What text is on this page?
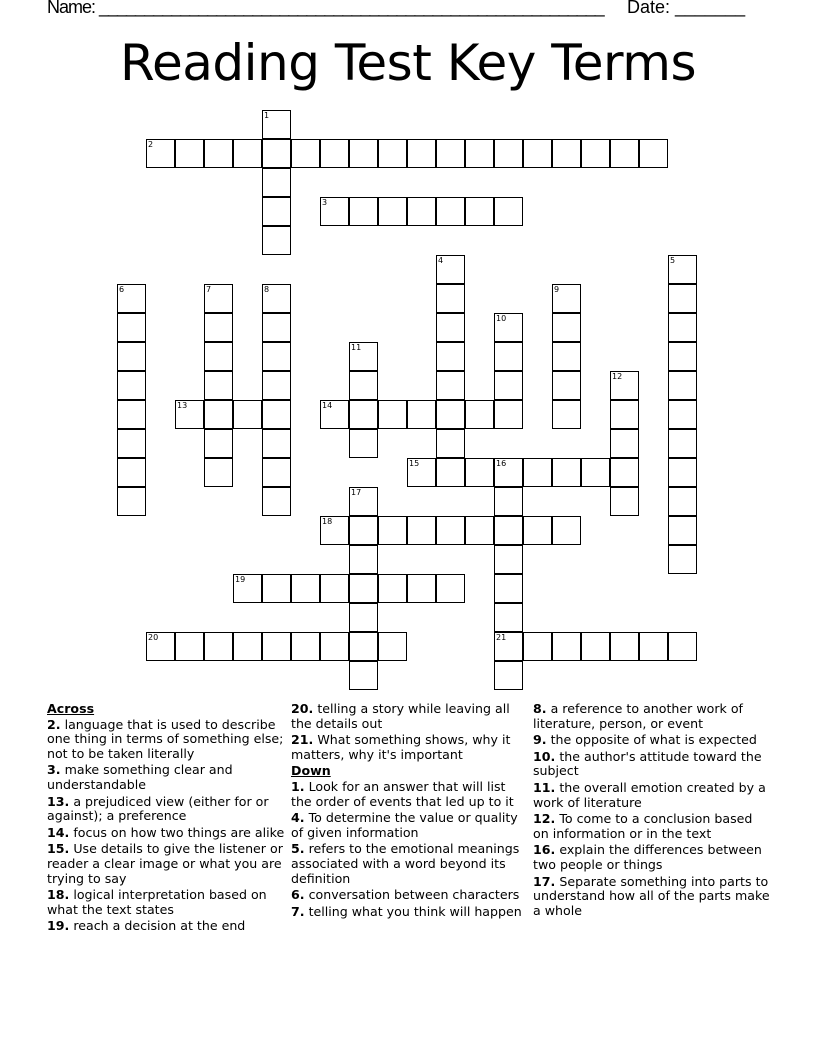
Name: ________________________________________________________ Date: _______
Reading Test Key Terms
1
2
3
4	5
6	7	8	9
10
11
12
13	14
15	16
21
17
18
19
20
Across
2. language that is used to describe one thing in terms of something else; not to be taken literally
3. make something clear and understandable
13. a prejudiced view (either for or against); a preference
14. focus on how two things are alike
15. Use details to give the listener or reader a clear image or what you are trying to say
18. logical interpretation based on what the text states
19. reach a decision at the end
20. telling a story while leaving all the details out
21. What something shows, why it matters, why it's important
Down
1. Look for an answer that will list the order of events that led up to it
4. To determine the value or quality of given information
5. refers to the emotional meanings associated with a word beyond its definition
6. conversation between characters
7. telling what you think will happen
8. a reference to another work of literature, person, or event
9. the opposite of what is expected
10. the author's attitude toward the subject
11. the overall emotion created by a work of literature
12. To come to a conclusion based on information or in the text
16. explain the differences between two people or things
17. Separate something into parts to understand how all of the parts make a whole
